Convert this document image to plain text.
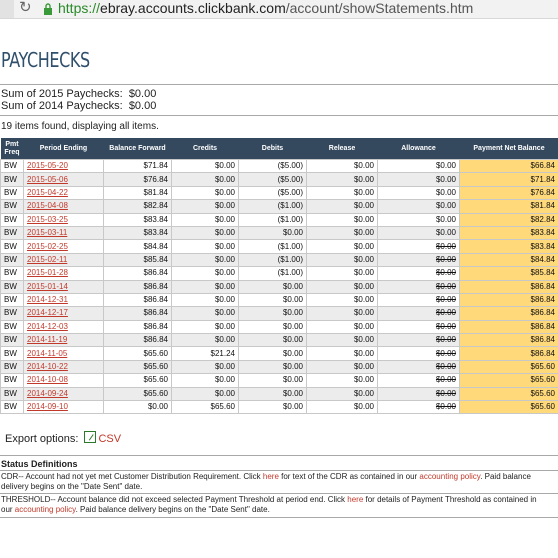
↻ https://ebray.accounts.clickbank.com/account/showStatements.htm
PAYCHECKS
Sum of 2015 Paychecks: $0.00
Sum of 2014 Paychecks: $0.00
19 items found, displaying all items.
Pmt Freq	Period Ending	Balance Forward	Credits	Debits	Release	Allowance	Payment Net Balance
BW	2015-05-20	$71.84	$0.00	($5.00)	$0.00	$0.00	$66.84
BW	2015-05-06	$76.84	$0.00	($5.00)	$0.00	$0.00	$71.84
BW	2015-04-22	$81.84	$0.00	($5.00)	$0.00	$0.00	$76.84
BW	2015-04-08	$82.84	$0.00	($1.00)	$0.00	$0.00	$81.84
BW	2015-03-25	$83.84	$0.00	($1.00)	$0.00	$0.00	$82.84
BW	2015-03-11	$83.84	$0.00	$0.00	$0.00	$0.00	$83.84
BW	2015-02-25	$84.84	$0.00	($1.00)	$0.00	$0.00	$83.84
BW	2015-02-11	$85.84	$0.00	($1.00)	$0.00	$0.00	$84.84
BW	2015-01-28	$86.84	$0.00	($1.00)	$0.00	$0.00	$85.84
BW	2015-01-14	$86.84	$0.00	$0.00	$0.00	$0.00	$86.84
BW	2014-12-31	$86.84	$0.00	$0.00	$0.00	$0.00	$86.84
BW	2014-12-17	$86.84	$0.00	$0.00	$0.00	$0.00	$86.84
BW	2014-12-03	$86.84	$0.00	$0.00	$0.00	$0.00	$86.84
BW	2014-11-19	$86.84	$0.00	$0.00	$0.00	$0.00	$86.84
BW	2014-11-05	$65.60	$21.24	$0.00	$0.00	$0.00	$86.84
BW	2014-10-22	$65.60	$0.00	$0.00	$0.00	$0.00	$65.60
BW	2014-10-08	$65.60	$0.00	$0.00	$0.00	$0.00	$65.60
BW	2014-09-24	$65.60	$0.00	$0.00	$0.00	$0.00	$65.60
BW	2014-09-10	$0.00	$65.60	$0.00	$0.00	$0.00	$65.60
Export options: CSV
Status Definitions
CDR-- Account had not yet met Customer Distribution Requirement. Click here for text of the CDR as contained in our accounting policy. Paid balance delivery begins on the "Date Sent" date.
THRESHOLD-- Account balance did not exceed selected Payment Threshold at period end. Click here for details of Payment Threshold as contained in our accounting policy. Paid balance delivery begins on the "Date Sent" date.
